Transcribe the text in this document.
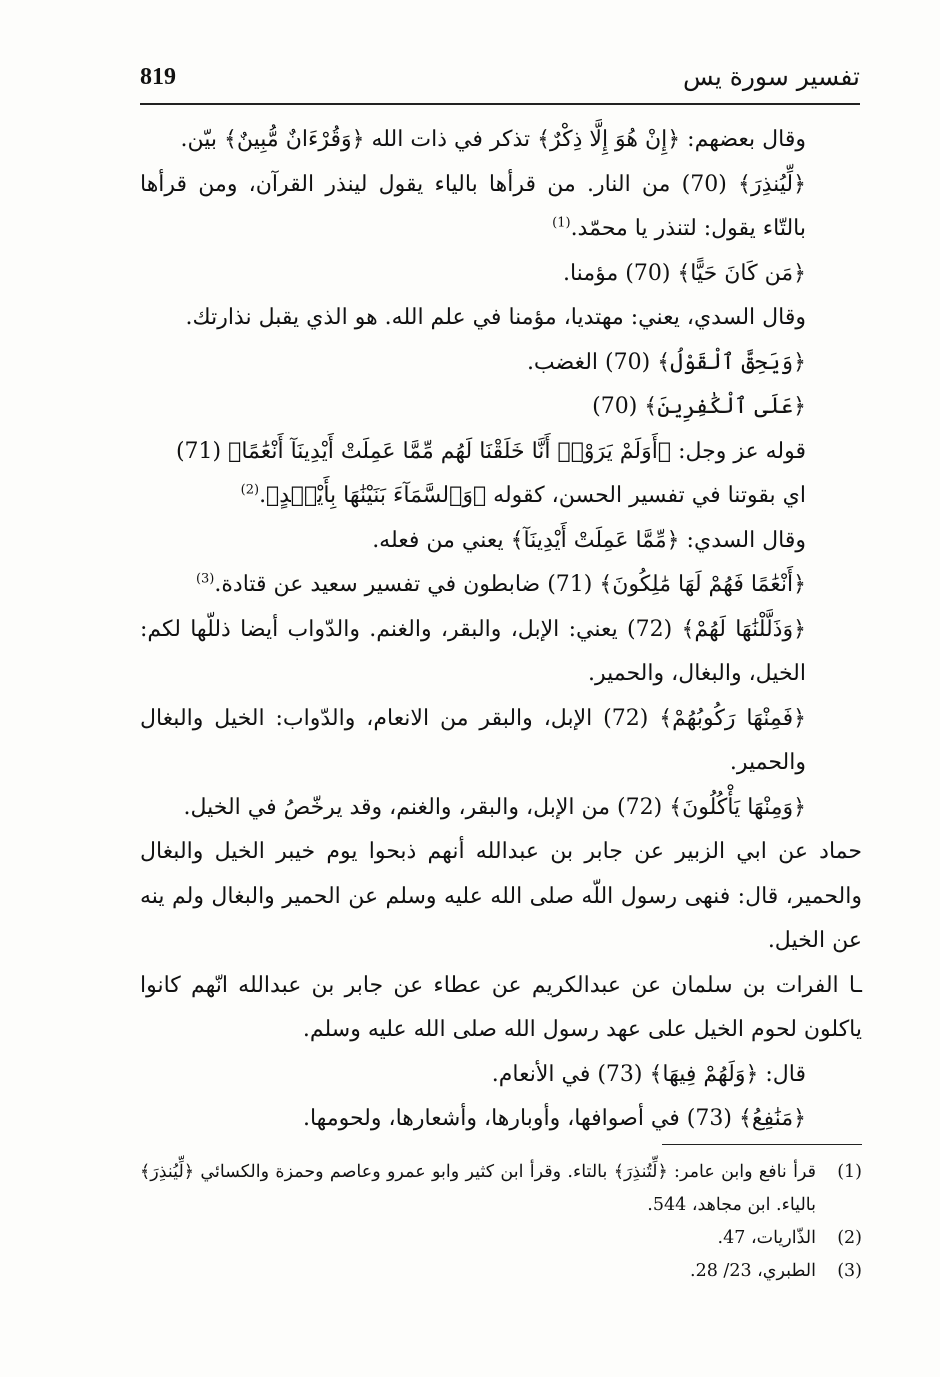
819	تفسير سورة يس

وقال بعضهم: ﴿إِنْ هُوَ إِلَّا ذِكْرٌ﴾ تذكر في ذات الله ﴿وَقُرْءَانٌ مُّبِينٌ﴾ بيّن.

﴿لِّيُنذِرَ﴾ (70) من النار. من قرأها بالياء يقول لينذر القرآن، ومن قرأها بالتّاء يقول: لتنذر يا محمّد.$^{(1)}$

﴿مَن كَانَ حَيًّا﴾ (70) مؤمنا.

وقال السدي، يعني: مهتديا، مؤمنا في علم الله. هو الذي يقبل نذارتك.

﴿وَيَحِقَّ ٱلْقَوْلُ﴾ (70) الغضب.

﴿عَلَى ٱلْكَٰفِرِينَ﴾ (70)

قوله عز وجل: ﴿أَوَلَمْ يَرَوْا۟ أَنَّا خَلَقْنَا لَهُم مِّمَّا عَمِلَتْ أَيْدِينَآ أَنْعَٰمًا﴾ (71)

اي بقوتنا في تفسير الحسن، كقوله ﴿وَٱلسَّمَآءَ بَنَيْنَٰهَا بِأَيْي۟دٍ﴾.$^{(2)}$

وقال السدي: ﴿مِّمَّا عَمِلَتْ أَيْدِينَآ﴾ يعني من فعله.

﴿أَنْعَٰمًا فَهُمْ لَهَا مَٰلِكُونَ﴾ (71) ضابطون في تفسير سعيد عن قتادة.$^{(3)}$

﴿وَذَلَّلْنَٰهَا لَهُمْ﴾ (72) يعني: الإبل، والبقر، والغنم. والدّواب أيضا ذللّها لكم: الخيل، والبغال، والحمير.

﴿فَمِنْهَا رَكُوبُهُمْ﴾ (72) الإبل، والبقر من الانعام، والدّواب: الخيل والبغال والحمير.

﴿وَمِنْهَا يَأْكُلُونَ﴾ (72) من الإبل، والبقر، والغنم، وقد يرخّصُ في الخيل.

حماد عن ابي الزبير عن جابر بن عبدالله أنهم ذبحوا يوم خيبر الخيل والبغال والحمير، قال: فنهى رسول اللّه صلى الله عليه وسلم عن الحمير والبغال ولم ينه عن الخيل.

ـا الفرات بن سلمان عن عبدالكريم عن عطاء عن جابر بن عبدالله انّهم كانوا ياكلون لحوم الخيل على عهد رسول الله صلى الله عليه وسلم.

قال: ﴿وَلَهُمْ فِيهَا﴾ (73) في الأنعام.

﴿مَنَٰفِعُ﴾ (73) في أصوافها، وأوبارها، وأشعارها، ولحومها.

(1)
قرأ نافع وابن عامر: ﴿لِّتُنذِرَ﴾ بالتاء. وقرأ ابن كثير وابو عمرو وعاصم وحمزة والكسائي ﴿لِّيُنذِرَ﴾ بالياء. ابن مجاهد، 544.
(2)
الذّاريات، 47.
(3)
الطبري، 23/ 28.
